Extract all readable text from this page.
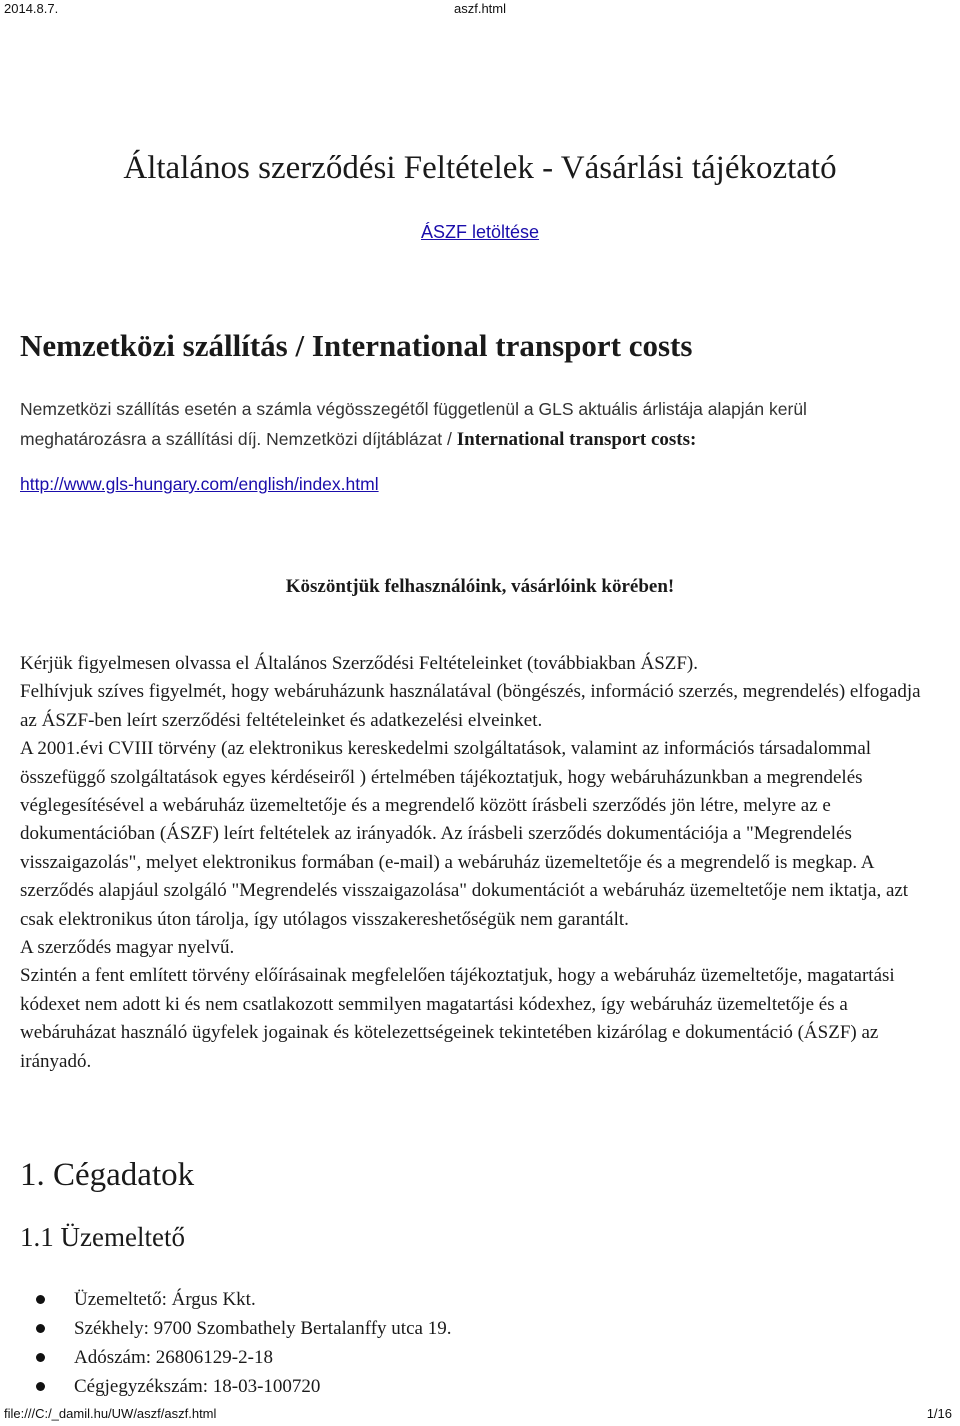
2014.8.7.	aszf.html
Általános szerződési Feltételek - Vásárlási tájékoztató
ÁSZF letöltése
Nemzetközi szállítás / International transport costs

Nemzetközi szállítás esetén a számla végösszegétől függetlenül a GLS aktuális árlistája alapján kerül meghatározásra a szállítási díj. Nemzetközi díjtáblázat / International transport costs:

http://www.gls-hungary.com/english/index.html

Köszöntjük felhasználóink, vásárlóink körében!

Kérjük figyelmesen olvassa el Általános Szerződési Feltételeinket (továbbiakban ÁSZF).

Felhívjuk szíves figyelmét, hogy webáruházunk használatával (böngészés, információ szerzés, megrendelés) elfogadja az ÁSZF-ben leírt szerződési feltételeinket és adatkezelési elveinket.

A 2001.évi CVIII törvény (az elektronikus kereskedelmi szolgáltatások, valamint az információs társadalommal összefüggő szolgáltatások egyes kérdéseiről ) értelmében tájékoztatjuk, hogy webáruházunkban a megrendelés véglegesítésével a webáruház üzemeltetője és a megrendelő között írásbeli szerződés jön létre, melyre az e dokumentációban (ÁSZF) leírt feltételek az irányadók. Az írásbeli szerződés dokumentációja a "Megrendelés visszaigazolás", melyet elektronikus formában (e-mail) a webáruház üzemeltetője és a megrendelő is megkap. A szerződés alapjául szolgáló "Megrendelés visszaigazolása" dokumentációt a webáruház üzemeltetője nem iktatja, azt csak elektronikus úton tárolja, így utólagos visszakereshetőségük nem garantált.

A szerződés magyar nyelvű.

Szintén a fent említett törvény előírásainak megfelelően tájékoztatjuk, hogy a webáruház üzemeltetője, magatartási kódexet nem adott ki és nem csatlakozott semmilyen magatartási kódexhez, így webáruház üzemeltetője és a webáruházat használó ügyfelek jogainak és kötelezettségeinek tekintetében kizárólag e dokumentáció (ÁSZF) az irányadó.

1. Cégadatok
1.1 Üzemeltető
Üzemeltető: Árgus Kkt.
Székhely: 9700 Szombathely Bertalanffy utca 19.
Adószám: 26806129-2-18
Cégjegyzékszám: 18-03-100720
file:///C:/_damil.hu/UW/aszf/aszf.html	1/16
